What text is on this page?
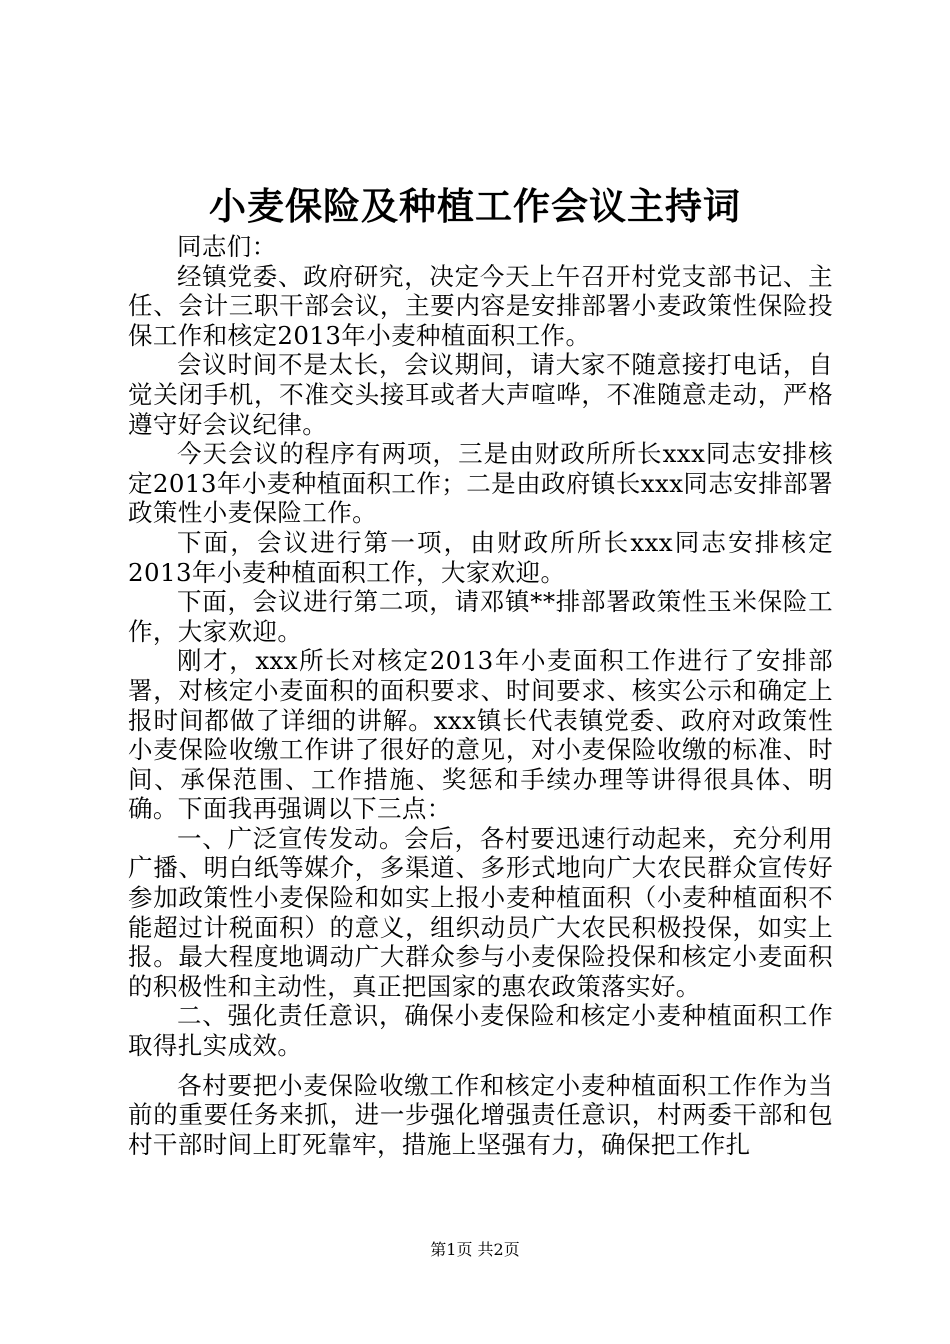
小麦保险及种植工作会议主持词

同志们：

经镇党委、政府研究，决定今天上午召开村党支部书记、主任、会计三职干部会议，主要内容是安排部署小麦政策性保险投保工作和核定2013年小麦种植面积工作。

会议时间不是太长，会议期间，请大家不随意接打电话，自觉关闭手机，不准交头接耳或者大声喧哗，不准随意走动，严格遵守好会议纪律。

今天会议的程序有两项，三是由财政所所长xxx同志安排核定2013年小麦种植面积工作；二是由政府镇长xxx同志安排部署政策性小麦保险工作。

下面，会议进行第一项，由财政所所长xxx同志安排核定2013年小麦种植面积工作，大家欢迎。

下面，会议进行第二项，请邓镇**排部署政策性玉米保险工作，大家欢迎。

刚才，xxx所长对核定2013年小麦面积工作进行了安排部署，对核定小麦面积的面积要求、时间要求、核实公示和确定上报时间都做了详细的讲解。xxx镇长代表镇党委、政府对政策性小麦保险收缴工作讲了很好的意见，对小麦保险收缴的标准、时间、承保范围、工作措施、奖惩和手续办理等讲得很具体、明确。下面我再强调以下三点：

一、广泛宣传发动。会后，各村要迅速行动起来，充分利用广播、明白纸等媒介，多渠道、多形式地向广大农民群众宣传好参加政策性小麦保险和如实上报小麦种植面积（小麦种植面积不能超过计税面积）的意义，组织动员广大农民积极投保，如实上报。最大程度地调动广大群众参与小麦保险投保和核定小麦面积的积极性和主动性，真正把国家的惠农政策落实好。

二、强化责任意识，确保小麦保险和核定小麦种植面积工作取得扎实成效。

各村要把小麦保险收缴工作和核定小麦种植面积工作作为当前的重要任务来抓，进一步强化增强责任意识，村两委干部和包村干部时间上盯死靠牢，措施上坚强有力，确保把工作扎

第1页 共2页
